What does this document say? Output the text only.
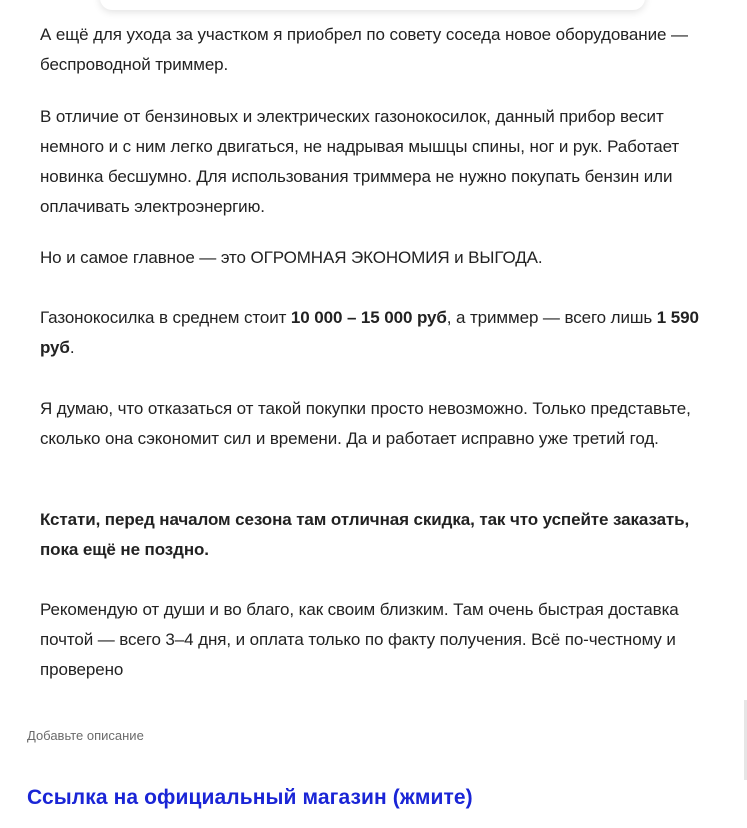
А ещё для ухода за участком я приобрел по совету соседа новое оборудование — беспроводной триммер.

В отличие от бензиновых и электрических газонокосилок, данный прибор весит немного и с ним легко двигаться, не надрывая мышцы спины, ног и рук. Работает новинка бесшумно. Для использования триммера не нужно покупать бензин или оплачивать электроэнергию.

Но и самое главное — это ОГРОМНАЯ ЭКОНОМИЯ и ВЫГОДА.

Газонокосилка в среднем стоит 10 000 – 15 000 руб, а триммер — всего лишь 1 590 руб.

Я думаю, что отказаться от такой покупки просто невозможно. Только представьте, сколько она сэкономит сил и времени. Да и работает исправно уже третий год.

Кстати, перед началом сезона там отличная скидка, так что успейте заказать, пока ещё не поздно.

Рекомендую от души и во благо, как своим близким. Там очень быстрая доставка почтой — всего 3–4 дня, и оплата только по факту получения. Всё по-честному и проверено

Добавьте описание
Ссылка на официальный магазин (жмите)
